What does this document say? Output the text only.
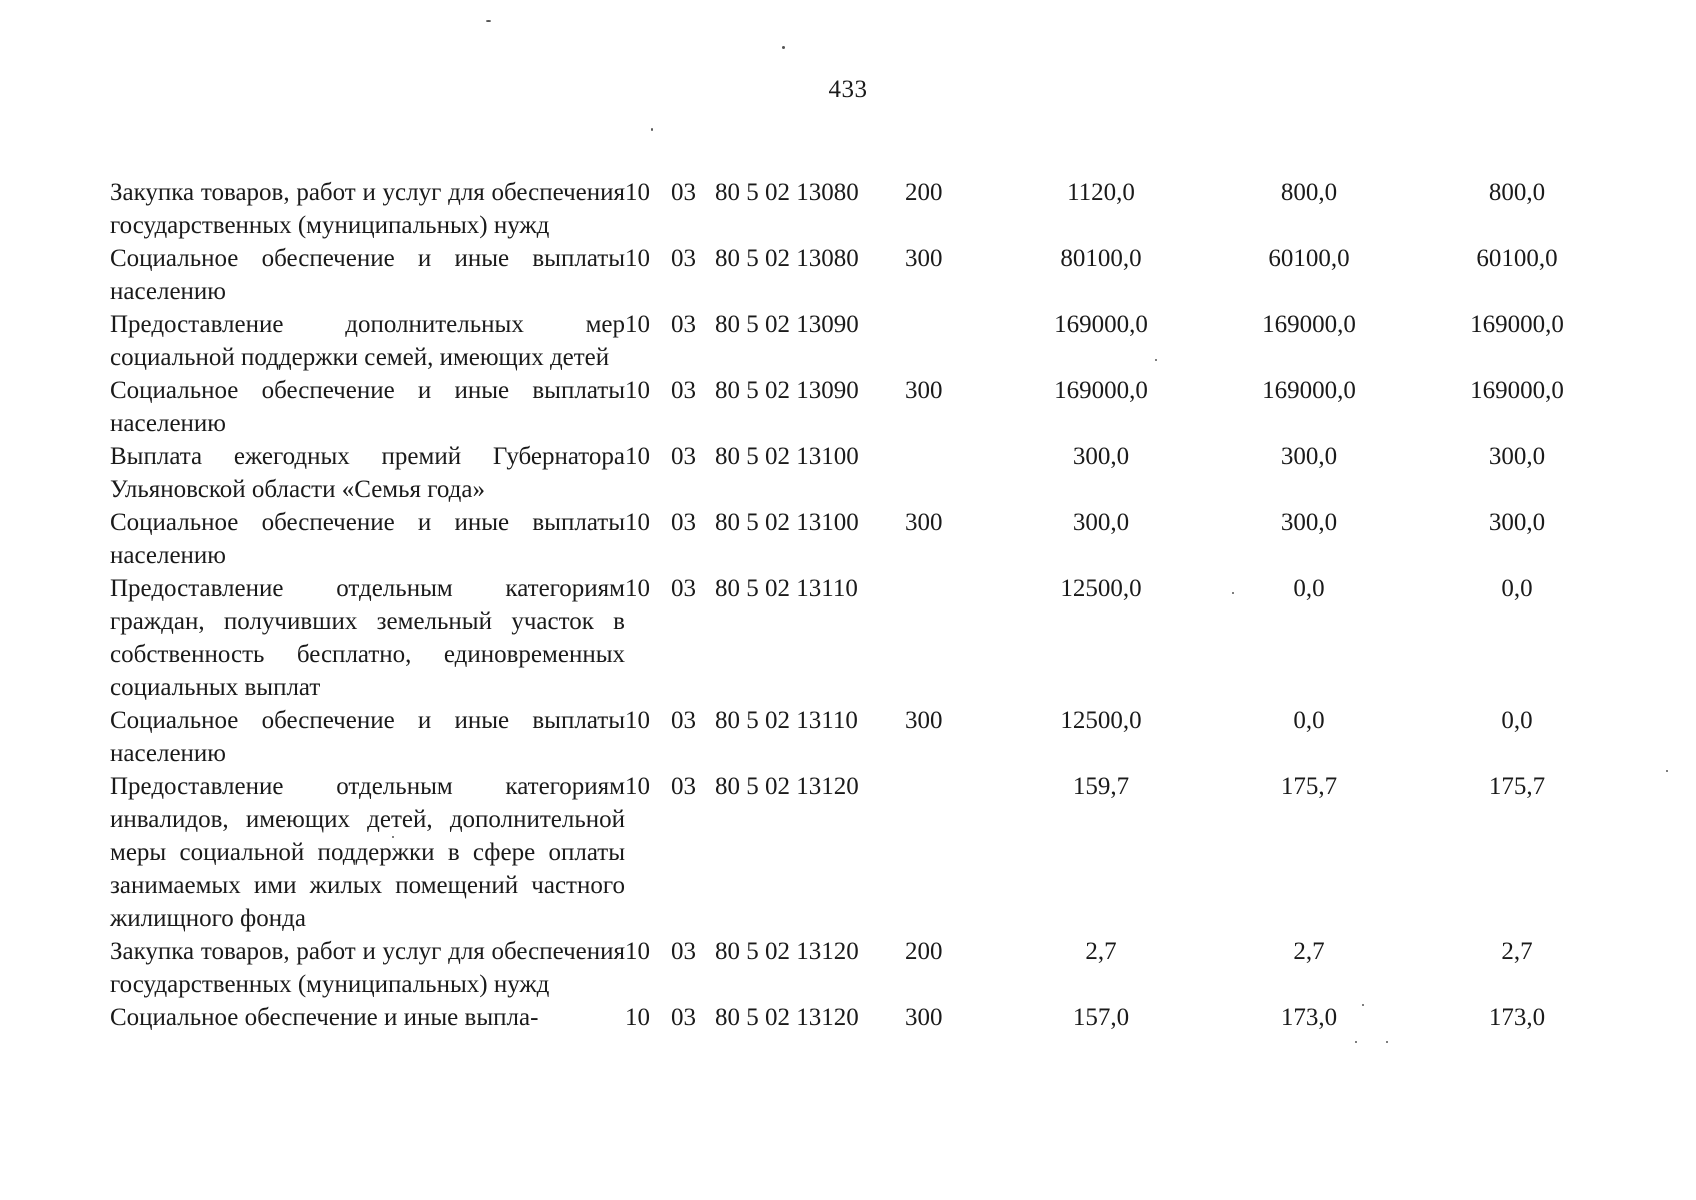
433
Закупка товаров, работ и услуг для обеспечения государственных (муниципальных) нужд	10	03	80 5 02 13080	200	1120,0	800,0	800,0
Социальное обеспечение и иные выплаты населению	10	03	80 5 02 13080	300	80100,0	60100,0	60100,0
Предоставление дополнительных мер социальной поддержки семей, имеющих детей	10	03	80 5 02 13090		169000,0	169000,0	169000,0
Социальное обеспечение и иные выплаты населению	10	03	80 5 02 13090	300	169000,0	169000,0	169000,0
Выплата ежегодных премий Губернатора Ульяновской области «Семья года»	10	03	80 5 02 13100		300,0	300,0	300,0
Социальное обеспечение и иные выплаты населению	10	03	80 5 02 13100	300	300,0	300,0	300,0
Предоставление отдельным категориям граждан, получивших земельный участок в собственность бесплатно, единовременных социальных выплат	10	03	80 5 02 13110		12500,0	0,0	0,0
Социальное обеспечение и иные выплаты населению	10	03	80 5 02 13110	300	12500,0	0,0	0,0
Предоставление отдельным категориям инвалидов, имеющих детей, дополнительной меры социальной поддержки в сфере оплаты занимаемых ими жилых помещений частного жилищного фонда	10	03	80 5 02 13120		159,7	175,7	175,7
Закупка товаров, работ и услуг для обеспечения государственных (муниципальных) нужд	10	03	80 5 02 13120	200	2,7	2,7	2,7
Социальное обеспечение и иные выпла-	10	03	80 5 02 13120	300	157,0	173,0	173,0
